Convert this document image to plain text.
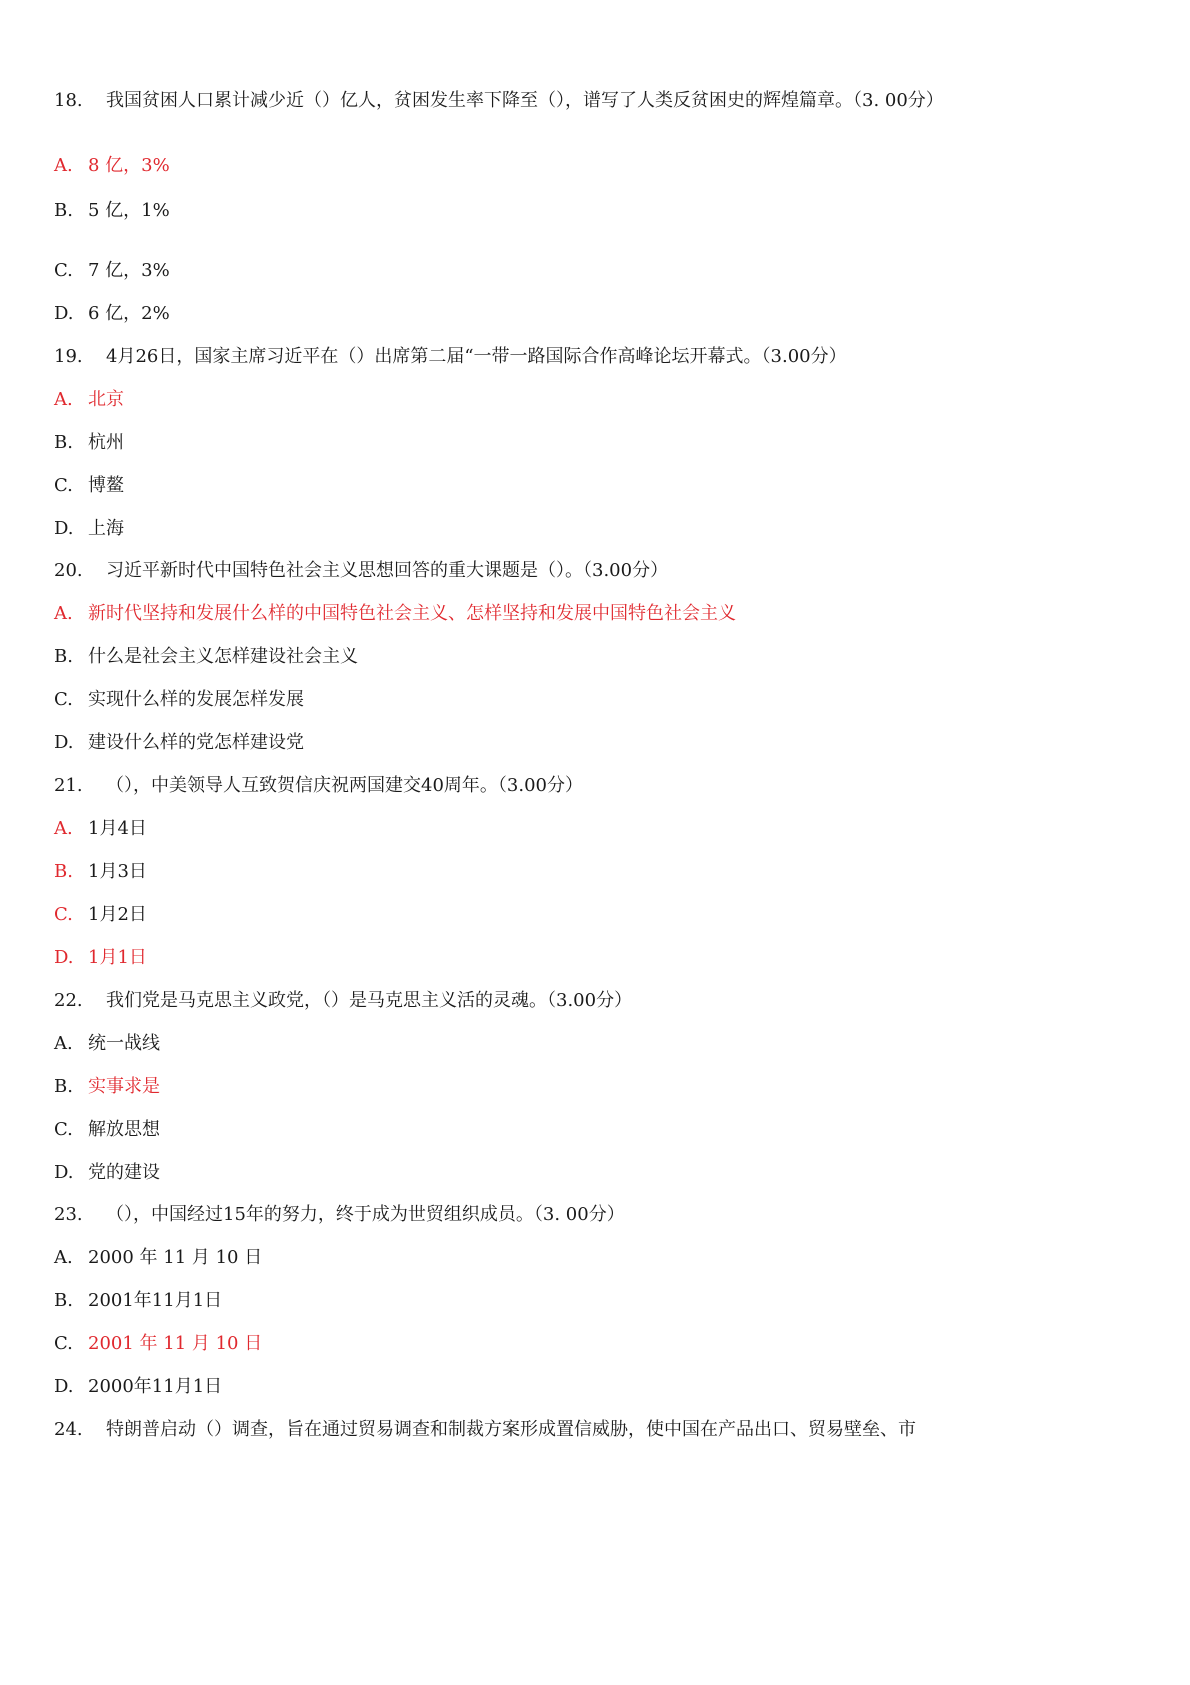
18. 我国贫困人口累计减少近（）亿人，贫困发生率下降至（），谱写了人类反贫困史的辉煌篇章。（3. 00分）
A. 8 亿，3%
B. 5 亿，1%
C. 7 亿，3%
D. 6 亿，2%
19. 4月26日，国家主席习近平在（）出席第二届“一带一路国际合作高峰论坛开幕式。（3.00分）
A. 北京
B. 杭州
C. 博鳌
D. 上海
20. 习近平新时代中国特色社会主义思想回答的重大课题是（）。（3.00分）
A. 新时代坚持和发展什么样的中国特色社会主义、怎样坚持和发展中国特色社会主义
B. 什么是社会主义怎样建设社会主义
C. 实现什么样的发展怎样发展
D. 建设什么样的党怎样建设党
21. （），中美领导人互致贺信庆祝两国建交40周年。（3.00分）
A. 1月4日
B. 1月3日
C. 1月2日
D. 1月1日
22. 我们党是马克思主义政党，（）是马克思主义活的灵魂。（3.00分）
A. 统一战线
B. 实事求是
C. 解放思想
D. 党的建设
23. （），中国经过15年的努力，终于成为世贸组织成员。（3. 00分）
A. 2000 年 11 月 10 日
B. 2001年11月1日
C. 2001 年 11 月 10 日
D. 2000年11月1日
24. 特朗普启动（）调查，旨在通过贸易调查和制裁方案形成置信威胁，使中国在产品出口、贸易壁垒、市
